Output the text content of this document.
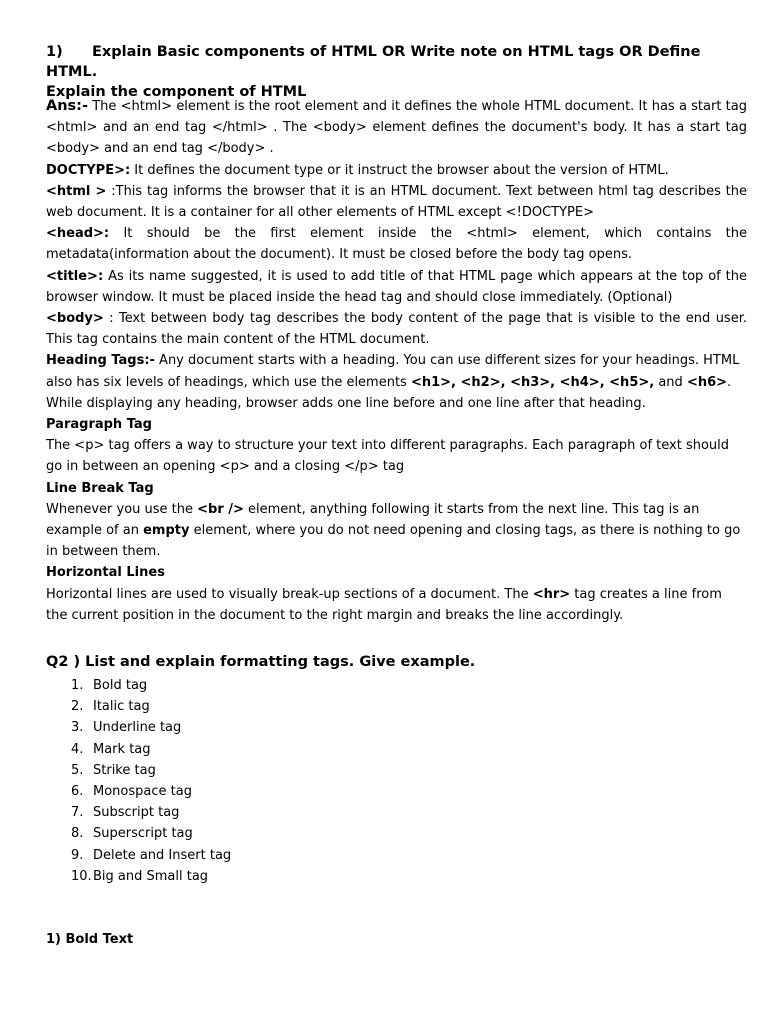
1) Explain Basic components of HTML OR Write note on HTML tags OR Define HTML.
Explain the component of HTML

Ans:- The <html> element is the root element and it defines the whole HTML document. It has a start tag <html> and an end tag </html> . The <body> element defines the document's body. It has a start tag <body> and an end tag </body> .

DOCTYPE>: It defines the document type or it instruct the browser about the version of HTML.

<html > :This tag informs the browser that it is an HTML document. Text between html tag describes the web document. It is a container for all other elements of HTML except <!DOCTYPE>

<head>: It should be the first element inside the <html> element, which contains the metadata(information about the document). It must be closed before the body tag opens.

<title>: As its name suggested, it is used to add title of that HTML page which appears at the top of the browser window. It must be placed inside the head tag and should close immediately. (Optional)

<body> : Text between body tag describes the body content of the page that is visible to the end user. This tag contains the main content of the HTML document.

Heading Tags:- Any document starts with a heading. You can use different sizes for your headings. HTML also has six levels of headings, which use the elements <h1>, <h2>, <h3>, <h4>, <h5>, and <h6>. While displaying any heading, browser adds one line before and one line after that heading.

Paragraph Tag

The <p> tag offers a way to structure your text into different paragraphs. Each paragraph of text should go in between an opening <p> and a closing </p> tag

Line Break Tag

Whenever you use the <br /> element, anything following it starts from the next line. This tag is an example of an empty element, where you do not need opening and closing tags, as there is nothing to go in between them.

Horizontal Lines

Horizontal lines are used to visually break-up sections of a document. The <hr> tag creates a line from the current position in the document to the right margin and breaks the line accordingly.

Q2 ) List and explain formatting tags. Give example.
1. Bold tag
2. Italic tag
3. Underline tag
4. Mark tag
5. Strike tag
6. Monospace tag
7. Subscript tag
8. Superscript tag
9. Delete and Insert tag
10. Big and Small tag
1) Bold Text
